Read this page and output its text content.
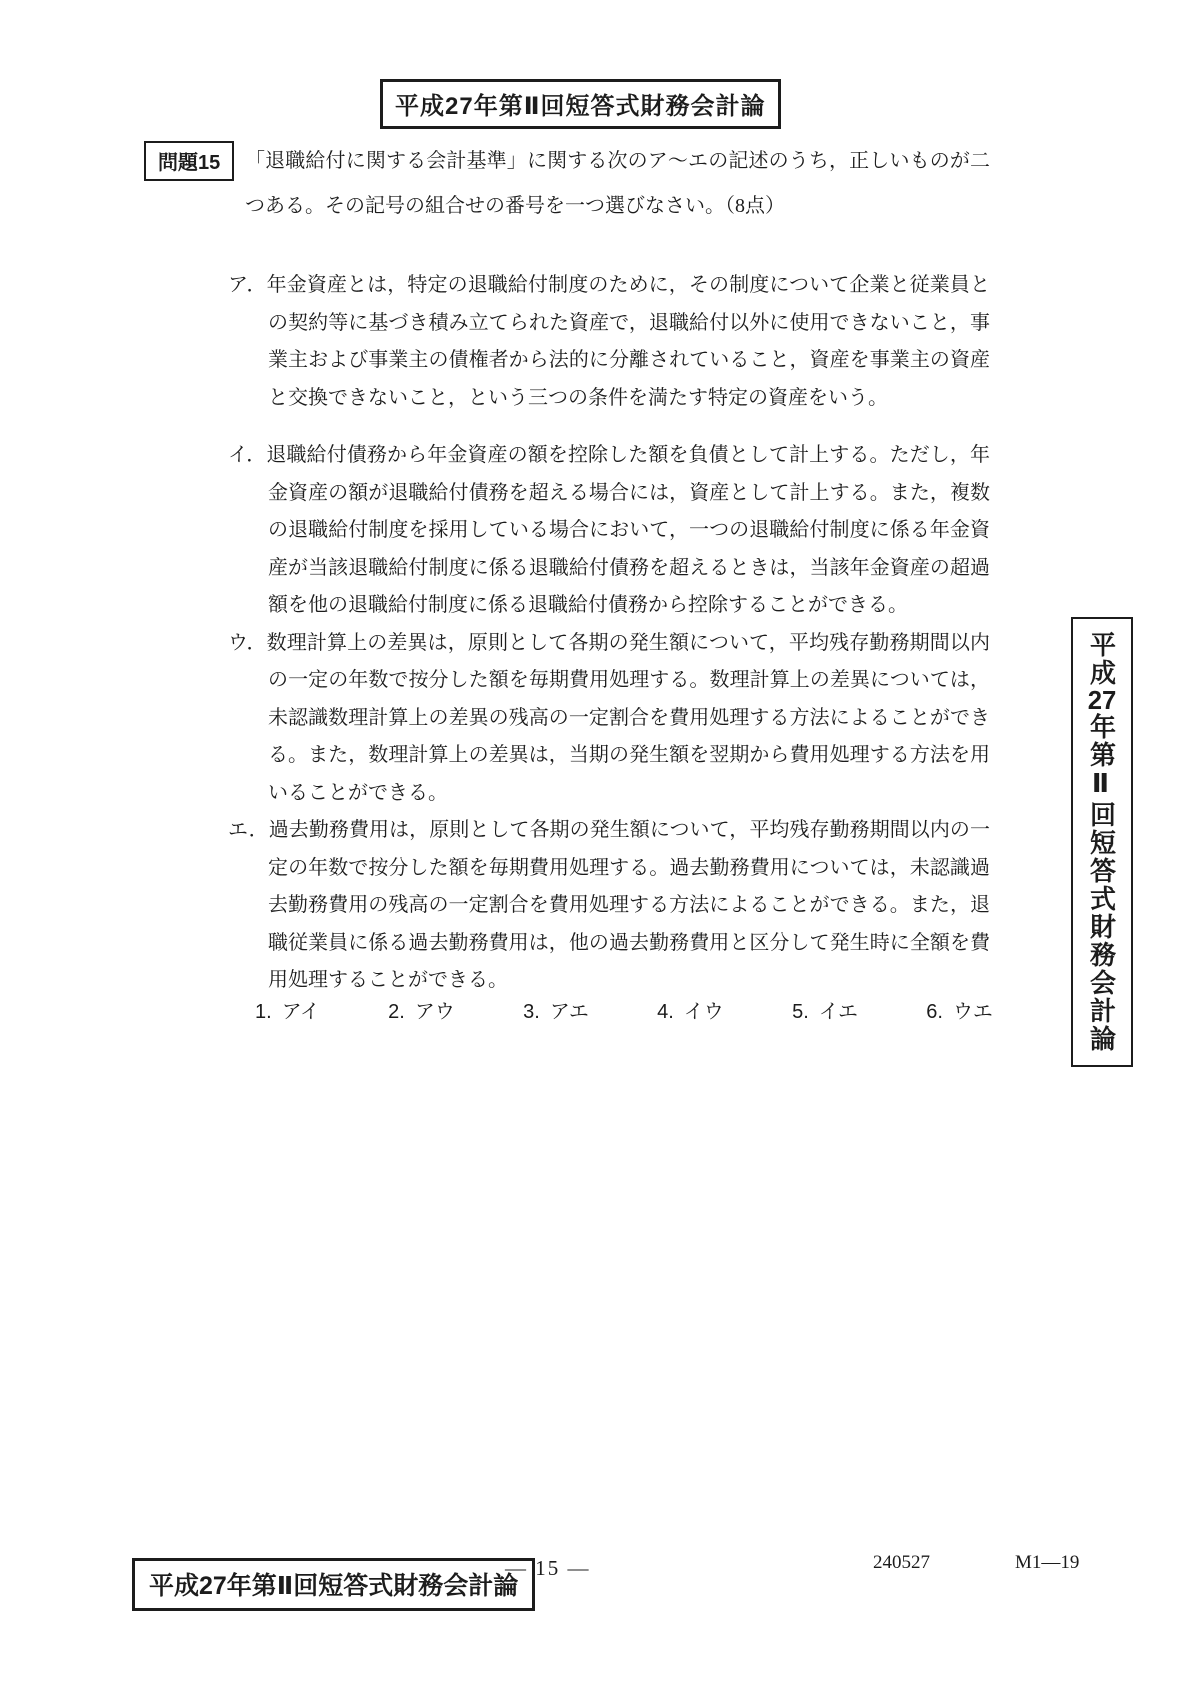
平成27年第Ⅱ回短答式財務会計論
問題15	「退職給付に関する会計基準」に関する次のア～エの記述のうち，正しいものが二つある。その記号の組合せの番号を一つ選びなさい。（8点）

ア．年金資産とは，特定の退職給付制度のために，その制度について企業と従業員との契約等に基づき積み立てられた資産で，退職給付以外に使用できないこと，事業主および事業主の債権者から法的に分離されていること，資産を事業主の資産と交換できないこと，という三つの条件を満たす特定の資産をいう。

イ．退職給付債務から年金資産の額を控除した額を負債として計上する。ただし，年金資産の額が退職給付債務を超える場合には，資産として計上する。また，複数の退職給付制度を採用している場合において，一つの退職給付制度に係る年金資産が当該退職給付制度に係る退職給付債務を超えるときは，当該年金資産の超過額を他の退職給付制度に係る退職給付債務から控除することができる。

ウ．数理計算上の差異は，原則として各期の発生額について，平均残存勤務期間以内の一定の年数で按分した額を毎期費用処理する。数理計算上の差異については，未認識数理計算上の差異の残高の一定割合を費用処理する方法によることができる。また，数理計算上の差異は，当期の発生額を翌期から費用処理する方法を用いることができる。

エ．過去勤務費用は，原則として各期の発生額について，平均残存勤務期間以内の一定の年数で按分した額を毎期費用処理する。過去勤務費用については，未認識過去勤務費用の残高の一定割合を費用処理する方法によることができる。また，退職従業員に係る過去勤務費用は，他の過去勤務費用と区分して発生時に全額を費用処理することができる。

1. アイ	2. アウ	3. アエ	4. イウ	5. イエ	6. ウエ
平成27年第Ⅱ回短答式財務会計論
平成27年第Ⅱ回短答式財務会計論
― 15 ―	240527	M1―19
